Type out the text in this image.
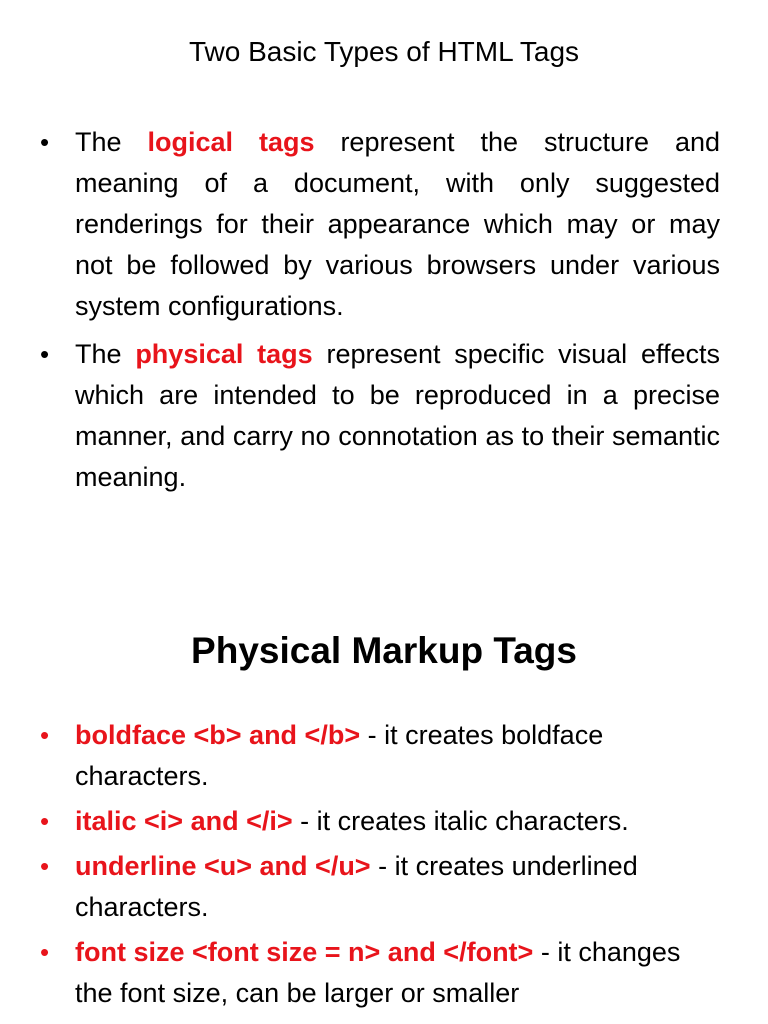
Two Basic Types of HTML Tags
• The logical tags represent the structure and meaning of a document, with only suggested renderings for their appearance which may or may not be followed by various browsers under various system configurations.
• The physical tags represent specific visual effects which are intended to be reproduced in a precise manner, and carry no connotation as to their semantic meaning.
Physical Markup Tags
• boldface <b> and </b> - it creates boldface characters.
• italic <i> and </i> - it creates italic characters.
• underline <u> and </u> - it creates underlined characters.
• font size <font size = n> and </font> - it changes the font size, can be larger or smaller
